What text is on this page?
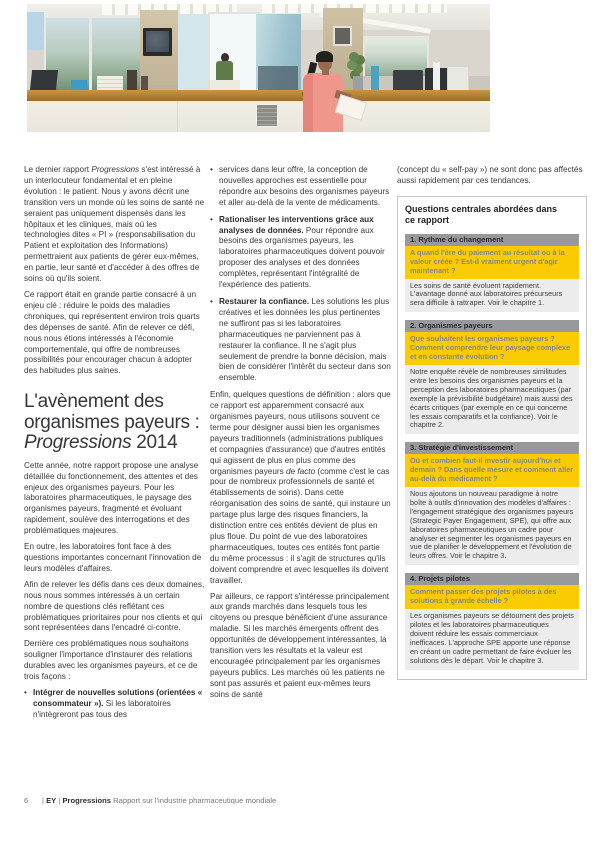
Le dernier rapport Progressions s'est intéressé à un interlocuteur fondamental et en pleine évolution : le patient. Nous y avons décrit une transition vers un monde où les soins de santé ne seraient pas uniquement dispensés dans les hôpitaux et les cliniques, mais où les technologies dites « PI » (responsabilisation du Patient et exploitation des Informations) permettraient aux patients de gérer eux-mêmes, en partie, leur santé et d'accéder à des offres de soins où qu'ils soient.

Ce rapport était en grande partie consacré à un enjeu clé : réduire le poids des maladies chroniques, qui représentent environ trois quarts des dépenses de santé. Afin de relever ce défi, nous nous étions intéressés à l'économie comportementale, qui offre de nombreuses possibilités pour encourager chacun à adopter des habitudes plus saines.

L'avènement des
organismes payeurs :
Progressions 2014

Cette année, notre rapport propose une analyse détaillée du fonctionnement, des attentes et des enjeux des organismes payeurs. Pour les laboratoires pharmaceutiques, le paysage des organismes payeurs, fragmenté et évoluant rapidement, soulève des interrogations et des problématiques majeures.

En outre, les laboratoires font face à des questions importantes concernant l'innovation de leurs modèles d'affaires.

Afin de relever les défis dans ces deux domaines, nous nous sommes intéressés à un certain nombre de questions clés reflétant ces problématiques prioritaires pour nos clients et qui sont représentées dans l'encadré ci-contre.

Derrière ces problématiques nous souhaitons souligner l'importance d'instaurer des relations durables avec les organismes payeurs, et ce de trois façons :

• Intégrer de nouvelles solutions (orientées « consommateur »). Si les laboratoires n'intègreront pas tous des
• services dans leur offre, la conception de nouvelles approches est essentielle pour répondre aux besoins des organismes payeurs et aller au-delà de la vente de médicaments.
• Rationaliser les interventions grâce aux analyses de données. Pour répondre aux besoins des organismes payeurs, les laboratoires pharmaceutiques doivent pouvoir proposer des analyses et des données complètes, représentant l'intégralité de l'expérience des patients.
• Restaurer la confiance. Les solutions les plus créatives et les données les plus pertinentes ne suffiront pas si les laboratoires pharmaceutiques ne parviennent pas à restaurer la confiance. Il ne s'agit plus seulement de prendre la bonne décision, mais bien de considérer l'intérêt du secteur dans son ensemble.

Enfin, quelques questions de définition : alors que ce rapport est apparemment consacré aux organismes payeurs, nous utilisons souvent ce terme pour désigner aussi bien les organismes payeurs traditionnels (administrations publiques et compagnies d'assurance) que d'autres entités qui agissent de plus en plus comme des organismes payeurs de facto (comme c'est le cas pour de nombreux professionnels de santé et établissements de soins). Dans cette réorganisation des soins de santé, qui instaure un partage plus large des risques financiers, la distinction entre ces entités devient de plus en plus floue. Du point de vue des laboratoires pharmaceutiques, toutes ces entités font partie du même processus : il s'agit de structures qu'ils doivent comprendre et avec lesquelles ils doivent travailler.

Par ailleurs, ce rapport s'intéresse principalement aux grands marchés dans lesquels tous les citoyens ou presque bénéficient d'une assurance maladie. Si les marchés émergents offrent des opportunités de développement intéressantes, la transition vers les résultats et la valeur est encouragée principalement par les organismes payeurs publics. Les marchés où les patients ne sont pas assurés et paient eux-mêmes leurs soins de santé

(concept du « self-pay ») ne sont donc pas affectés aussi rapidement par ces tendances.

Questions centrales abordées dans
ce rapport
1. Rythme du changement
A quand l'ère du paiement au résultat ou à la valeur créée ? Est-il vraiment urgent d'agir maintenant ?
Les soins de santé évoluent rapidement. L'avantage donné aux laboratoires précurseurs sera difficile à rattraper. Voir le chapitre 1.
2. Organismes payeurs
Que souhaitent les organismes payeurs ? Comment comprendre leur paysage complexe et en constante évolution ?
Notre enquête révèle de nombreuses similitudes entre les besoins des organismes payeurs et la perception des laboratoires pharmaceutiques (par exemple la prévisibilité budgétaire) mais aussi des écarts critiques (par exemple en ce qui concerne les essais comparatifs et la confiance). Voir le chapitre 2.
3. Stratégie d'investissement
Où et combien faut-il investir aujourd'hui et demain ? Dans quelle mesure et comment aller au-delà du médicament ?
Nous ajoutons un nouveau paradigme à notre boîte à outils d'innovation des modèles d'affaires : l'engagement stratégique des organismes payeurs (Strategic Payer Engagement, SPE), qui offre aux laboratoires pharmaceutiques un cadre pour analyser et segmenter les organismes payeurs en vue de planifier le développement et l'évolution de leurs offres. Voir le chapitre 3.
4. Projets pilotes
Comment passer des projets pilotes à des solutions à grande échelle ?
Les organismes payeurs se détournent des projets pilotes et les laboratoires pharmaceutiques doivent réduire les essais commerciaux inefficaces. L'approche SPE apporte une réponse en créant un cadre permettant de faire évoluer les solutions dès le départ. Voir le chapitre 3.
6 | EY | Progressions Rapport sur l'industrie pharmaceutique mondiale
